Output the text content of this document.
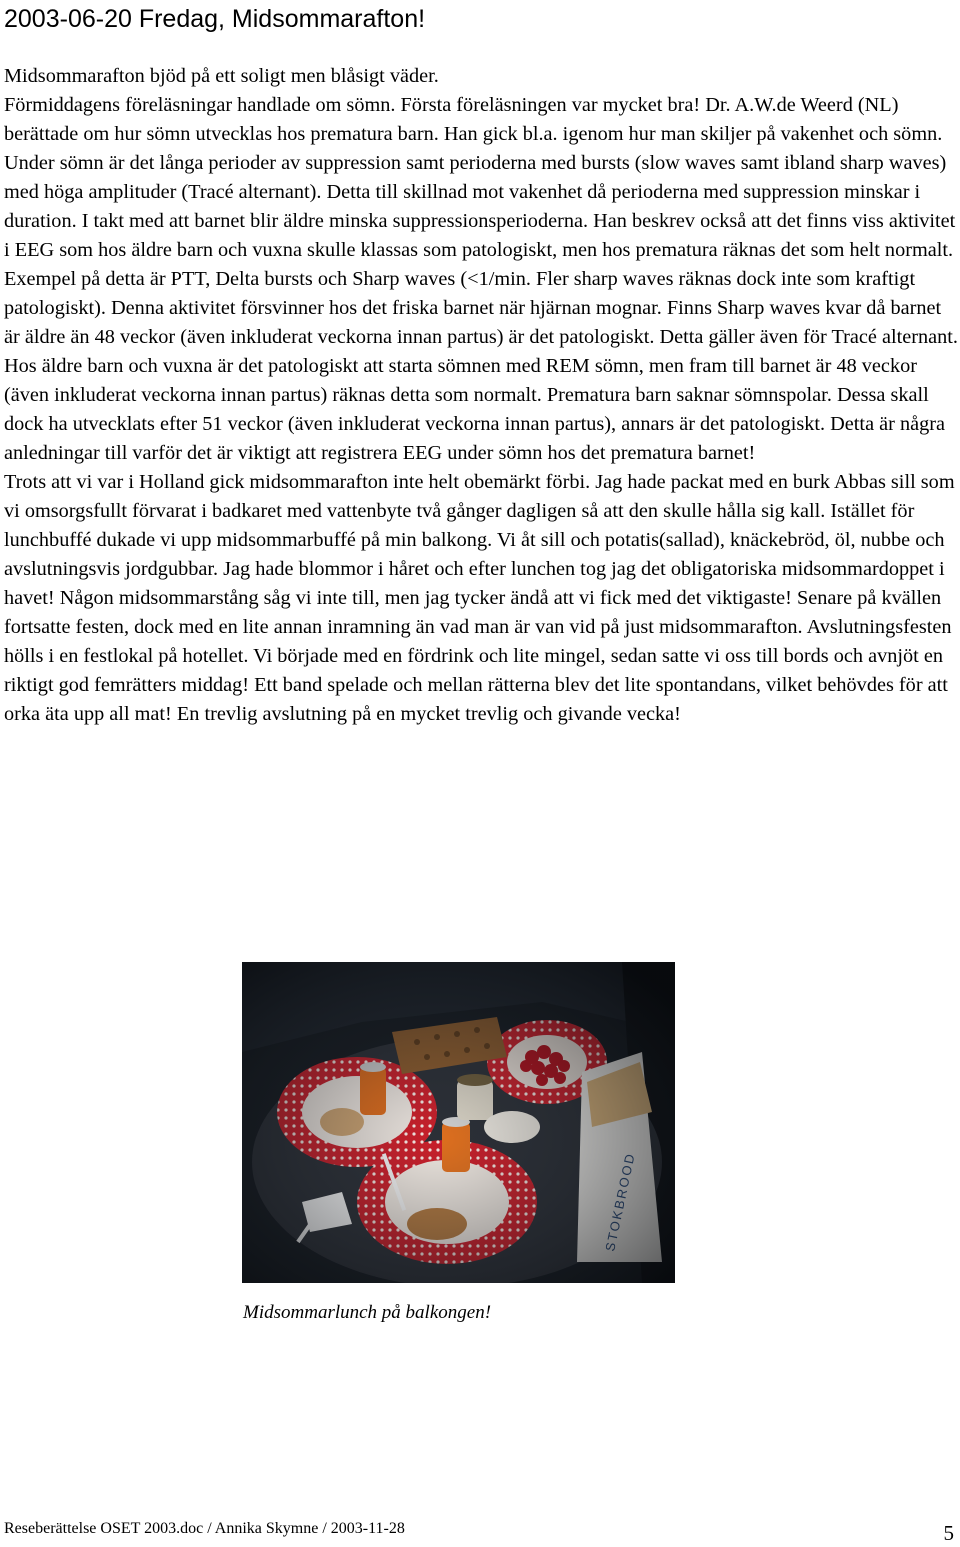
2003-06-20 Fredag, Midsommarafton!

Midsommarafton bjöd på ett soligt men blåsigt väder.

Förmiddagens föreläsningar handlade om sömn. Första föreläsningen var mycket bra! Dr. A.W.de Weerd (NL) berättade om hur sömn utvecklas hos prematura barn. Han gick bl.a. igenom hur man skiljer på vakenhet och sömn. Under sömn är det långa perioder av suppression samt perioderna med bursts (slow waves samt ibland sharp waves) med höga amplituder (Tracé alternant). Detta till skillnad mot vakenhet då perioderna med suppression minskar i duration. I takt med att barnet blir äldre minska suppressionsperioderna. Han beskrev också att det finns viss aktivitet i EEG som hos äldre barn och vuxna skulle klassas som patologiskt, men hos prematura räknas det som helt normalt. Exempel på detta är PTT, Delta bursts och Sharp waves (<1/min. Fler sharp waves räknas dock inte som kraftigt patologiskt). Denna aktivitet försvinner hos det friska barnet när hjärnan mognar. Finns Sharp waves kvar då barnet är äldre än 48 veckor (även inkluderat veckorna innan partus) är det patologiskt. Detta gäller även för Tracé alternant. Hos äldre barn och vuxna är det patologiskt att starta sömnen med REM sömn, men fram till barnet är 48 veckor (även inkluderat veckorna innan partus) räknas detta som normalt. Prematura barn saknar sömnspolar. Dessa skall dock ha utvecklats efter 51 veckor (även inkluderat veckorna innan partus), annars är det patologiskt. Detta är några anledningar till varför det är viktigt att registrera EEG under sömn hos det prematura barnet!

Trots att vi var i Holland gick midsommarafton inte helt obemärkt förbi. Jag hade packat med en burk Abbas sill som vi omsorgsfullt förvarat i badkaret med vattenbyte två gånger dagligen så att den skulle hålla sig kall. Istället för lunchbuffé dukade vi upp midsommarbuffé på min balkong. Vi åt sill och potatis(sallad), knäckebröd, öl, nubbe och avslutningsvis jordgubbar. Jag hade blommor i håret och efter lunchen tog jag det obligatoriska midsommardoppet i havet! Någon midsommarstång såg vi inte till, men jag tycker ändå att vi fick med det viktigaste! Senare på kvällen fortsatte festen, dock med en lite annan inramning än vad man är van vid på just midsommarafton. Avslutningsfesten hölls i en festlokal på hotellet. Vi började med en fördrink och lite mingel, sedan satte vi oss till bords och avnjöt en riktigt god femrätters middag! Ett band spelade och mellan rätterna blev det lite spontandans, vilket behövdes för att orka äta upp all mat! En trevlig avslutning på en mycket trevlig och givande vecka!

Midsommarlunch på balkongen!

Reseberättelse OSET 2003.doc / Annika Skymne / 2003-11-28	5
